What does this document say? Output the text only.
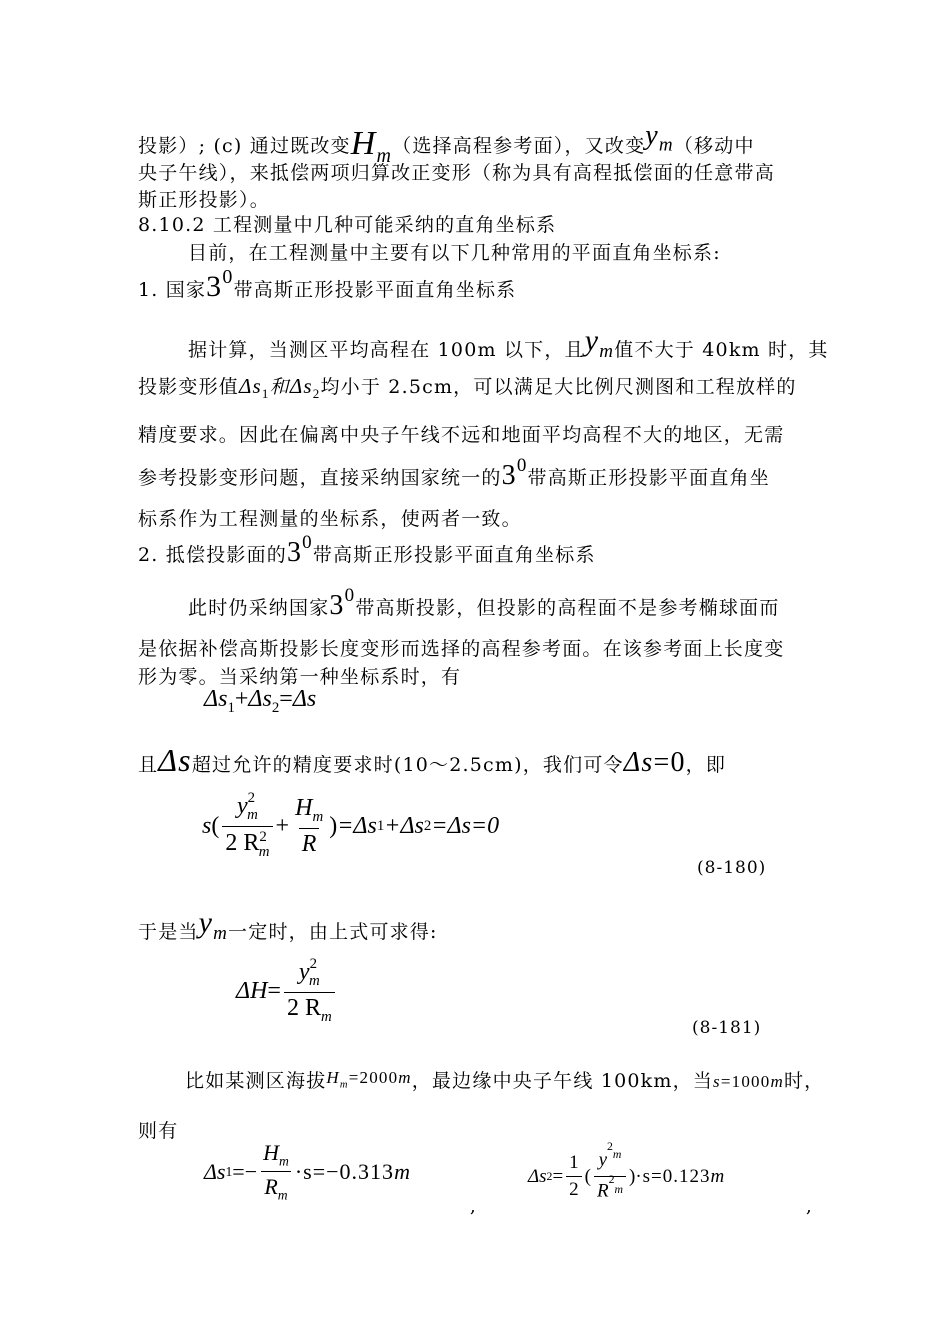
投影）; (c) 通过既改变$H_m$（选择高程参考面），又改变$y_m$（移动中
央子午线），来抵偿两项归算改正变形（称为具有高程抵偿面的任意带高
斯正形投影）。
8.10.2 工程测量中几种可能采纳的直角坐标系
目前，在工程测量中主要有以下几种常用的平面直角坐标系:
1. 国家$3^0$带高斯正形投影平面直角坐标系
据计算，当测区平均高程在 100m 以下，且$y_m$值不大于 40km 时，其
投影变形值$\Delta s_1$和$\Delta s_2$均小于 2.5cm，可以满足大比例尺测图和工程放样的
精度要求。因此在偏离中央子午线不远和地面平均高程不大的地区，无需
参考投影变形问题，直接采纳国家统一的$3^0$带高斯正形投影平面直角坐
标系作为工程测量的坐标系，使两者一致。
2. 抵偿投影面的$3^0$带高斯正形投影平面直角坐标系
此时仍采纳国家$3^0$带高斯投影，但投影的高程面不是参考椭球面而
是依据补偿高斯投影长度变形而选择的高程参考面。在该参考面上长度变
形为零。当采纳第一种坐标系时，有
$\Delta s_1+\Delta s_2=\Delta s$
且Δs超过允许的精度要求时(10～2.5cm)，我们可令Δs=0，即
s ( $\frac{y^2_m}{2 R^2_m} + \frac{H_m}{R}$ ) =Δs 1 +Δs 2 =Δs=0
(8-180)
于是当$y_m$一定时，由上式可求得:
$\Delta H = \frac{y^2_m}{2 R_m}$
(8-181)
比如某测区海拔$H_m=2000m$，最边缘中央子午线 100km，当s=1000m时，
则有
Δs $1 =- \frac{H_m}{R_m} \cdot s=-0.313$ m
,
Δs $2 = \frac{1}{2}$ ( $\frac{y^2_m}{R^2_m}$ ) ·s=0.123 m
,
